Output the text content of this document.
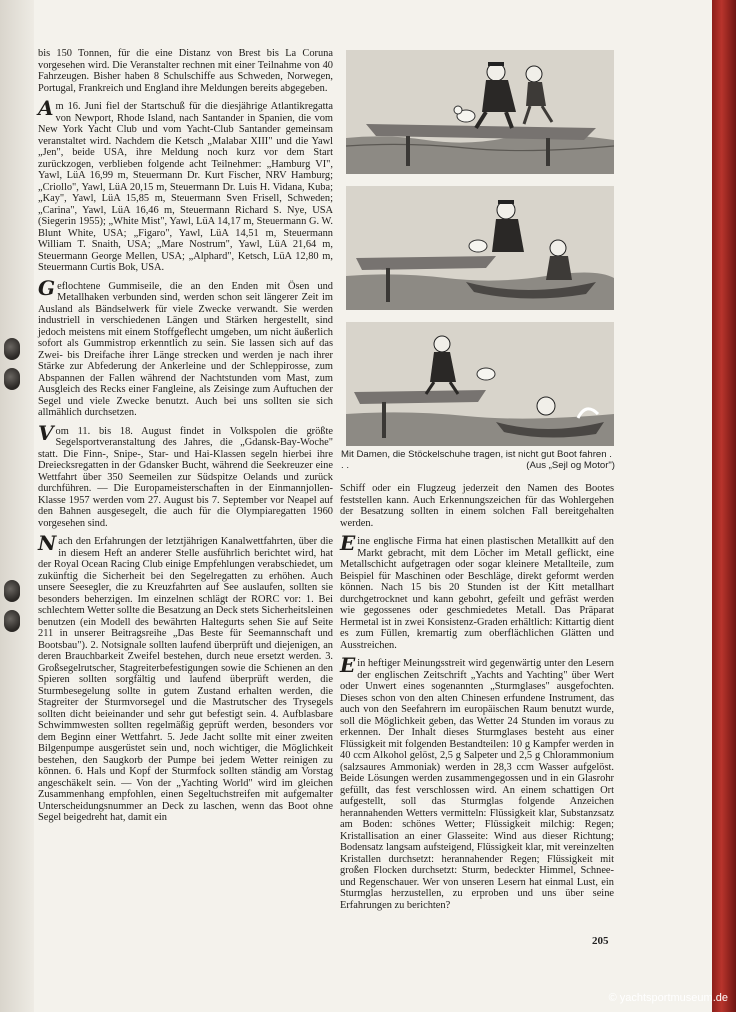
bis 150 Tonnen, für die eine Distanz von Brest bis La Coruna vorgesehen wird. Die Veranstalter rechnen mit einer Teilnahme von 40 Fahrzeugen. Bisher haben 8 Schulschiffe aus Schweden, Norwegen, Portugal, Frankreich und England ihre Meldungen bereits abgegeben.

Am 16. Juni fiel der Startschuß für die diesjährige Atlantikregatta von Newport, Rhode Island, nach Santander in Spanien, die vom New York Yacht Club und vom Yacht-Club Santander gemeinsam veranstaltet wird. Nachdem die Ketsch „Malabar XIII" und die Yawl „Jen", beide USA, ihre Meldung noch kurz vor dem Start zurückzogen, verblieben folgende acht Teilnehmer: „Hamburg VI", Yawl, LüA 16,99 m, Steuermann Dr. Kurt Fischer, NRV Hamburg; „Criollo", Yawl, LüA 20,15 m, Steuermann Dr. Luis H. Vidana, Kuba; „Kay", Yawl, LüA 15,85 m, Steuermann Sven Frisell, Schweden; „Carina", Yawl, LüA 16,46 m, Steuermann Richard S. Nye, USA (Siegerin 1955); „White Mist", Yawl, LüA 14,17 m, Steuermann G. W. Blunt White, USA; „Figaro", Yawl, LüA 14,51 m, Steuermann William T. Snaith, USA; „Mare Nostrum", Yawl, LüA 21,64 m, Steuermann George Mellen, USA; „Alphard", Ketsch, LüA 12,80 m, Steuermann Curtis Bok, USA.

Geflochtene Gummiseile, die an den Enden mit Ösen und Metallhaken verbunden sind, werden schon seit längerer Zeit im Ausland als Bändselwerk für viele Zwecke verwandt. Sie werden industriell in verschiedenen Längen und Stärken hergestellt, sind jedoch meistens mit einem Stoffgeflecht umgeben, um nicht äußerlich sofort als Gummistrop erkenntlich zu sein. Sie lassen sich auf das Zwei- bis Dreifache ihrer Länge strecken und werden je nach ihrer Stärke zur Abfederung der Ankerleine und der Schleppirosse, zum Abspannen der Fallen während der Nachtstunden vom Mast, zum Ausgleich des Recks einer Fangleine, als Zeisinge zum Auftuchen der Segel und viele Zwecke benutzt. Auch bei uns sollten sie sich allmählich durchsetzen.

Vom 11. bis 18. August findet in Volkspolen die größte Segelsportveranstaltung des Jahres, die „Gdansk-Bay-Woche" statt. Die Finn-, Snipe-, Star- und Hai-Klassen segeln hierbei ihre Dreiecksregatten in der Gdansker Bucht, während die Seekreuzer eine Wettfahrt über 350 Seemeilen zur Südspitze Oelands und zurück durchführen. — Die Europameisterschaften in der Einmannjollen-Klasse 1957 werden vom 27. August bis 7. September vor Neapel auf den Bahnen ausgesegelt, die auch für die Olympiaregatten 1960 vorgesehen sind.

Nach den Erfahrungen der letztjährigen Kanalwettfahrten, über die in diesem Heft an anderer Stelle ausführlich berichtet wird, hat der Royal Ocean Racing Club einige Empfehlungen verabschiedet, um zukünftig die Sicherheit bei den Segelregatten zu erhöhen. Auch unsere Seesegler, die zu Kreuzfahrten auf See auslaufen, sollten sie besonders beherzigen. Im einzelnen schlägt der RORC vor: 1. Bei schlechtem Wetter sollte die Besatzung an Deck stets Sicherheitsleinen benutzen (ein Modell des bewährten Haltegurts sehen Sie auf Seite 211 in unserer Beitragsreihe „Das Beste für Seemannschaft und Bootsbau"). 2. Notsignale sollten laufend überprüft und diejenigen, an deren Brauchbarkeit Zweifel bestehen, durch neue ersetzt werden. 3. Großsegelrutscher, Stagreiterbefestigungen sowie die Schienen an den Spieren sollten sorgfältig und laufend überprüft werden, die Sturmbesegelung sollte in gutem Zustand erhalten werden, die Stagreiter der Sturmvorsegel und die Mastrutscher des Trysegels sollten dicht beieinander und sehr gut befestigt sein. 4. Aufblasbare Schwimmwesten sollten regelmäßig geprüft werden, besonders vor dem Beginn einer Wettfahrt. 5. Jede Jacht sollte mit einer zweiten Bilgenpumpe ausgerüstet sein und, noch wichtiger, die Möglichkeit bestehen, den Saugkorb der Pumpe bei jedem Wetter reinigen zu können. 6. Hals und Kopf der Sturmfock sollten ständig am Vorstag angeschäkelt sein. — Von der „Yachting World" wird im gleichen Zusammenhang empfohlen, einen Segeltuchstreifen mit aufgemalter Unterscheidungsnummer an Deck zu laschen, wenn das Boot ohne Segel beigedreht hat, damit ein

Mit Damen, die Stöckelschuhe tragen, ist nicht gut Boot fahren . . .	(Aus „Sejl og Motor")

Schiff oder ein Flugzeug jederzeit den Namen des Bootes feststellen kann. Auch Erkennungszeichen für das Wohlergehen der Besatzung sollten in einem solchen Fall bereitgehalten werden.

Eine englische Firma hat einen plastischen Metallkitt auf den Markt gebracht, mit dem Löcher im Metall geflickt, eine Metallschicht aufgetragen oder sogar kleinere Metallteile, zum Beispiel für Maschinen oder Beschläge, direkt geformt werden können. Nach 15 bis 20 Stunden ist der Kitt metallhart durchgetrocknet und kann gebohrt, gefeilt und gefräst werden wie gegossenes oder geschmiedetes Metall. Das Präparat Hermetal ist in zwei Konsistenz-Graden erhältlich: Kittartig dient es zum Füllen, kremartig zum oberflächlichen Glätten und Ausstreichen.

Ein heftiger Meinungsstreit wird gegenwärtig unter den Lesern der englischen Zeitschrift „Yachts and Yachting" über Wert oder Unwert eines sogenannten „Sturmglases" ausgefochten. Dieses schon von den alten Chinesen erfundene Instrument, das auch von den Seefahrern im europäischen Raum benutzt wurde, soll die Möglichkeit geben, das Wetter 24 Stunden im voraus zu erkennen. Der Inhalt dieses Sturmglases besteht aus einer Flüssigkeit mit folgenden Bestandteilen: 10 g Kampfer werden in 40 ccm Alkohol gelöst, 2,5 g Salpeter und 2,5 g Chlorammonium (salzsaures Ammoniak) werden in 28,3 ccm Wasser aufgelöst. Beide Lösungen werden zusammengegossen und in ein Glasrohr gefüllt, das fest verschlossen wird. An einem schattigen Ort aufgestellt, soll das Sturmglas folgende Anzeichen herannahenden Wetters vermitteln: Flüssigkeit klar, Substanzsatz am Boden: schönes Wetter; Flüssigkeit milchig: Regen; Kristallisation an einer Glasseite: Wind aus dieser Richtung; Bodensatz langsam aufsteigend, Flüssigkeit klar, mit vereinzelten Kristallen durchsetzt: herannahender Regen; Flüssigkeit mit großen Flocken durchsetzt: Sturm, bedeckter Himmel, Schnee- und Regenschauer. Wer von unseren Lesern hat einmal Lust, ein Sturmglas herzustellen, zu erproben und uns über seine Erfahrungen zu berichten?

205
© yachtsportmuseum.de
